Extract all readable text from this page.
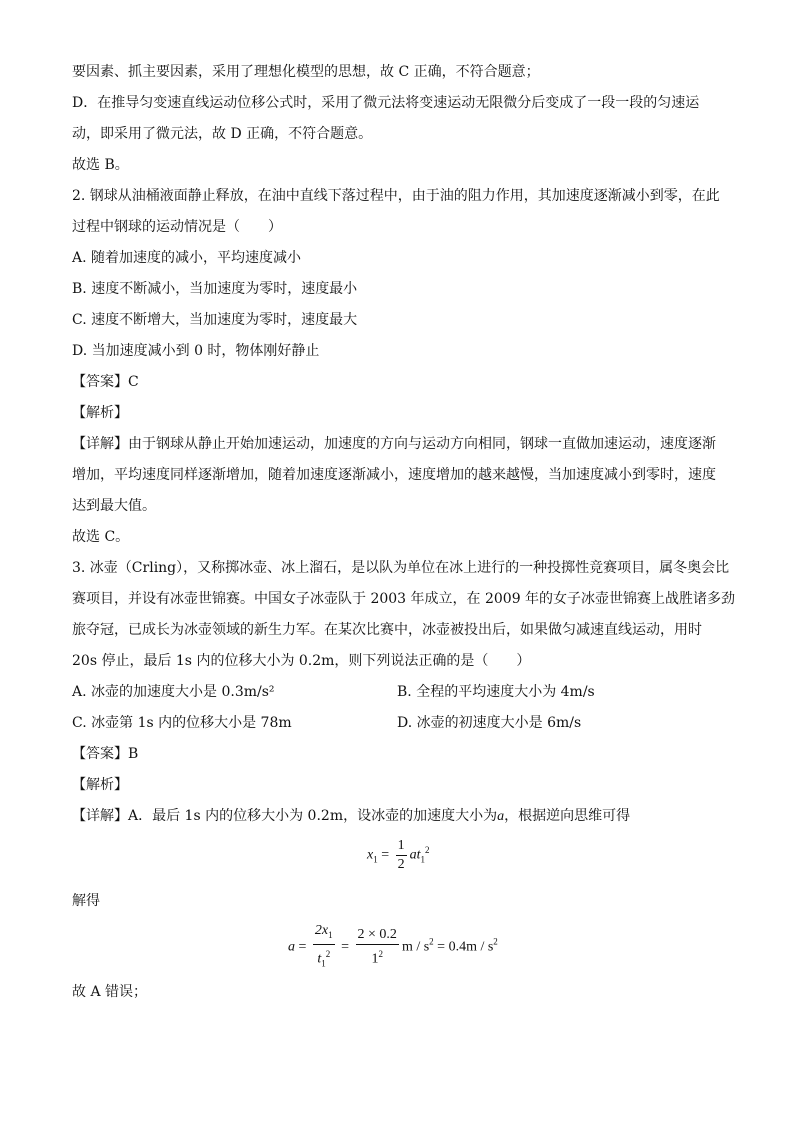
要因素、抓主要因素，采用了理想化模型的思想，故 C 正确，不符合题意；
D．在推导匀变速直线运动位移公式时，采用了微元法将变速运动无限微分后变成了一段一段的匀速运
动，即采用了微元法，故 D 正确，不符合题意。
故选 B。
2. 钢球从油桶液面静止释放，在油中直线下落过程中，由于油的阻力作用，其加速度逐渐减小到零，在此
过程中钢球的运动情况是（　　）
A. 随着加速度的减小，平均速度减小
B. 速度不断减小，当加速度为零时，速度最小
C. 速度不断增大，当加速度为零时，速度最大
D. 当加速度减小到 0 时，物体刚好静止
【答案】C
【解析】
【详解】由于钢球从静止开始加速运动，加速度的方向与运动方向相同，钢球一直做加速运动，速度逐渐
增加，平均速度同样逐渐增加，随着加速度逐渐减小，速度增加的越来越慢，当加速度减小到零时，速度
达到最大值。
故选 C。
3. 冰壶（Crling），又称掷冰壶、冰上溜石，是以队为单位在冰上进行的一种投掷性竞赛项目，属冬奥会比
赛项目，并设有冰壶世锦赛。中国女子冰壶队于 2003 年成立，在 2009 年的女子冰壶世锦赛上战胜诸多劲
旅夺冠，已成长为冰壶领域的新生力军。在某次比赛中，冰壶被投出后，如果做匀减速直线运动，用时
20s 停止，最后 1s 内的位移大小为 0.2m，则下列说法正确的是（　　）
A. 冰壶的加速度大小是 0.3m/s²	B. 全程的平均速度大小为 4m/s
C. 冰壶第 1s 内的位移大小是 78m	D. 冰壶的初速度大小是 6m/s
【答案】B
【解析】
【详解】A．最后 1s 内的位移大小为 0.2m，设冰壶的加速度大小为a，根据逆向思维可得
$x_1 = \frac{1}{2} at_1^2$
解得
$a = \frac{2x_1}{t_1^2} = \frac{2 \times 0.2}{1^2}$ $m / s^2 = 0.4m / s^2$
故 A 错误；
